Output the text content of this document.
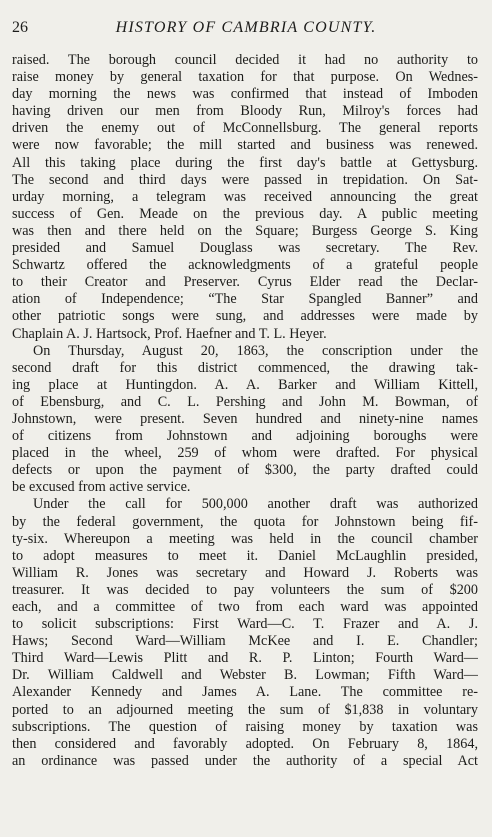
26	HISTORY OF CAMBRIA COUNTY.
raised. The borough council decided it had no authority to
raise money by general taxation for that purpose. On Wednes-
day morning the news was confirmed that instead of Imboden
having driven our men from Bloody Run, Milroy's forces had
driven the enemy out of McConnellsburg. The general reports
were now favorable; the mill started and business was renewed.
All this taking place during the first day's battle at Gettysburg.
The second and third days were passed in trepidation. On Sat-
urday morning, a telegram was received announcing the great
success of Gen. Meade on the previous day. A public meeting
was then and there held on the Square; Burgess George S. King
presided and Samuel Douglass was secretary. The Rev.
Schwartz offered the acknowledgments of a grateful people
to their Creator and Preserver. Cyrus Elder read the Declar-
ation of Independence; “The Star Spangled Banner” and
other patriotic songs were sung, and addresses were made by
Chaplain A. J. Hartsock, Prof. Haefner and T. L. Heyer.
On Thursday, August 20, 1863, the conscription under the
second draft for this district commenced, the drawing tak-
ing place at Huntingdon. A. A. Barker and William Kittell,
of Ebensburg, and C. L. Pershing and John M. Bowman, of
Johnstown, were present. Seven hundred and ninety-nine names
of citizens from Johnstown and adjoining boroughs were
placed in the wheel, 259 of whom were drafted. For physical
defects or upon the payment of $300, the party drafted could
be excused from active service.
Under the call for 500,000 another draft was authorized
by the federal government, the quota for Johnstown being fif-
ty-six. Whereupon a meeting was held in the council chamber
to adopt measures to meet it. Daniel McLaughlin presided,
William R. Jones was secretary and Howard J. Roberts was
treasurer. It was decided to pay volunteers the sum of $200
each, and a committee of two from each ward was appointed
to solicit subscriptions: First Ward—C. T. Frazer and A. J.
Haws; Second Ward—William McKee and I. E. Chandler;
Third Ward—Lewis Plitt and R. P. Linton; Fourth Ward—
Dr. William Caldwell and Webster B. Lowman; Fifth Ward—
Alexander Kennedy and James A. Lane. The committee re-
ported to an adjourned meeting the sum of $1,838 in voluntary
subscriptions. The question of raising money by taxation was
then considered and favorably adopted. On February 8, 1864,
an ordinance was passed under the authority of a special Act
